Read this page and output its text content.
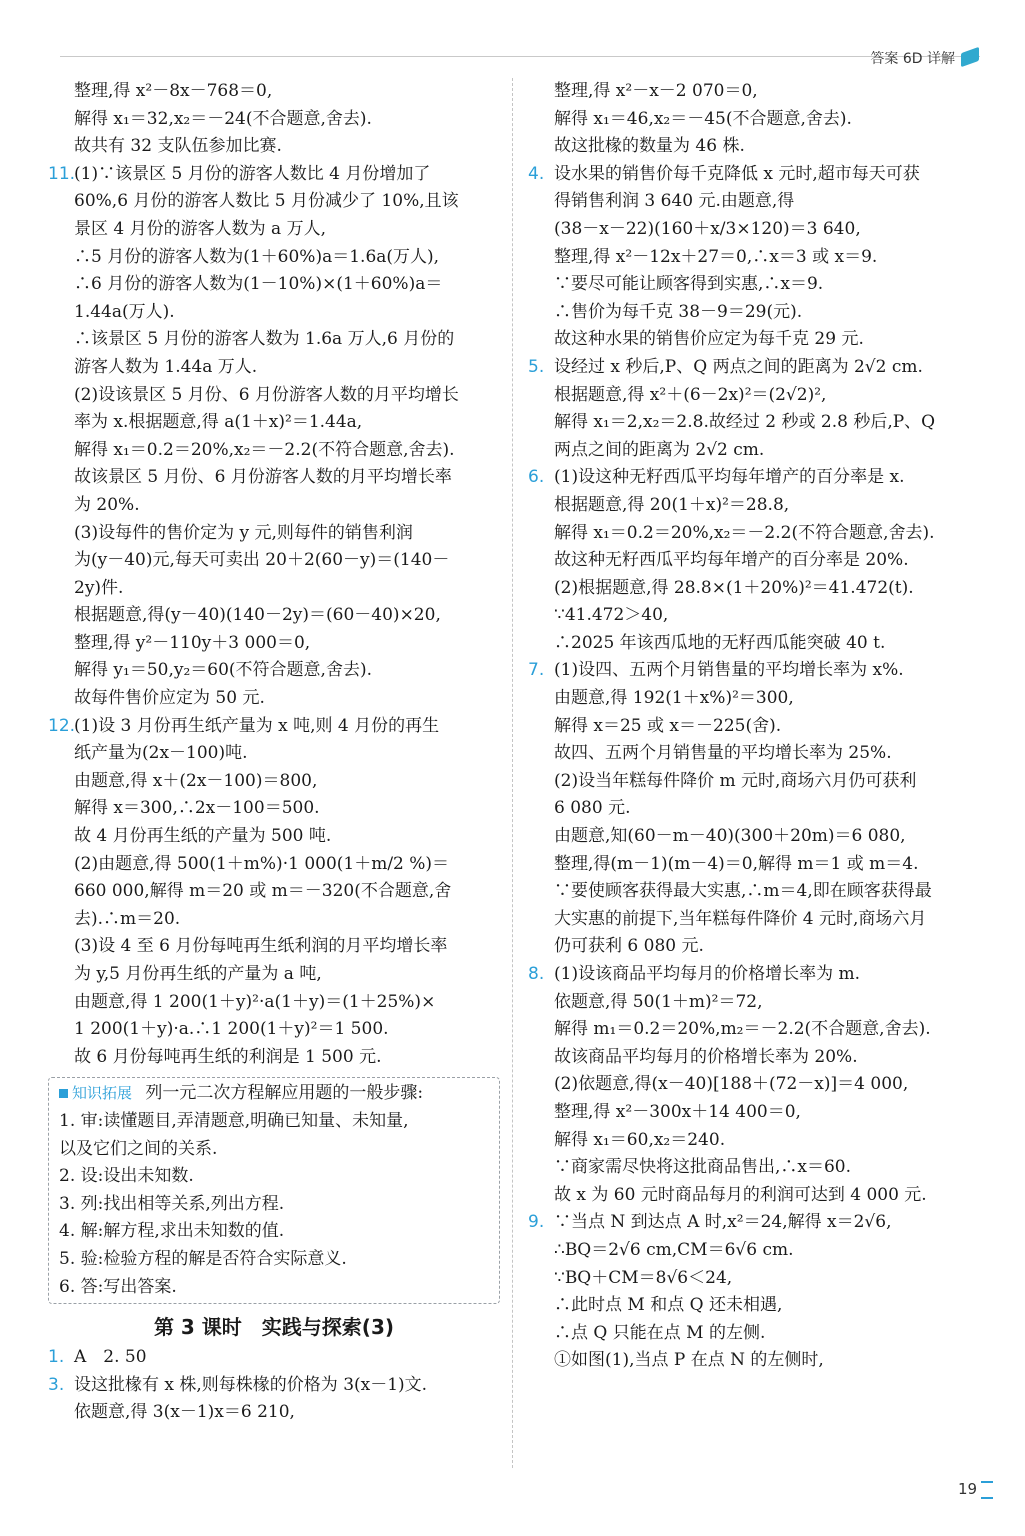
答案 6D 详解
整理,得 x²－8x－768＝0,
解得 x₁＝32,x₂＝－24(不合题意,舍去).
故共有 32 支队伍参加比赛.
11.(1)∵该景区 5 月份的游客人数比 4 月份增加了
60%,6 月份的游客人数比 5 月份减少了 10%,且该
景区 4 月份的游客人数为 a 万人,
∴5 月份的游客人数为(1＋60%)a＝1.6a(万人),
∴6 月份的游客人数为(1－10%)×(1＋60%)a＝
1.44a(万人).
∴该景区 5 月份的游客人数为 1.6a 万人,6 月份的
游客人数为 1.44a 万人.
(2)设该景区 5 月份、6 月份游客人数的月平均增长
率为 x.根据题意,得 a(1＋x)²＝1.44a,
解得 x₁＝0.2＝20%,x₂＝－2.2(不符合题意,舍去).
故该景区 5 月份、6 月份游客人数的月平均增长率
为 20%.
(3)设每件的售价定为 y 元,则每件的销售利润
为(y－40)元,每天可卖出 20＋2(60－y)＝(140－
2y)件.
根据题意,得(y－40)(140－2y)＝(60－40)×20,
整理,得 y²－110y＋3 000＝0,
解得 y₁＝50,y₂＝60(不符合题意,舍去).
故每件售价应定为 50 元.
12.(1)设 3 月份再生纸产量为 x 吨,则 4 月份的再生
纸产量为(2x－100)吨.
由题意,得 x＋(2x－100)＝800,
解得 x＝300,∴2x－100＝500.
故 4 月份再生纸的产量为 500 吨.
(2)由题意,得 500(1＋m%)·1 000(1＋m/2 %)＝
660 000,解得 m＝20 或 m＝－320(不合题意,舍
去).∴m＝20.
(3)设 4 至 6 月份每吨再生纸利润的月平均增长率
为 y,5 月份再生纸的产量为 a 吨,
由题意,得 1 200(1＋y)²·a(1＋y)＝(1＋25%)×
1 200(1＋y)·a.∴1 200(1＋y)²＝1 500.
故 6 月份每吨再生纸的利润是 1 500 元.
知识拓展 列一元二次方程解应用题的一般步骤:
1. 审:读懂题目,弄清题意,明确已知量、未知量,
以及它们之间的关系.
2. 设:设出未知数.
3. 列:找出相等关系,列出方程.
4. 解:解方程,求出未知数的值.
5. 验:检验方程的解是否符合实际意义.
6. 答:写出答案.
第 3 课时　实践与探索(3)
1. A　2. 50
3. 设这批椽有 x 株,则每株椽的价格为 3(x－1)文.
依题意,得 3(x－1)x＝6 210,
整理,得 x²－x－2 070＝0,
解得 x₁＝46,x₂＝－45(不合题意,舍去).
故这批椽的数量为 46 株.
4. 设水果的销售价每千克降低 x 元时,超市每天可获
得销售利润 3 640 元.由题意,得
(38－x－22)(160＋x/3×120)＝3 640,
整理,得 x²－12x＋27＝0,∴x＝3 或 x＝9.
∵要尽可能让顾客得到实惠,∴x＝9.
∴售价为每千克 38－9＝29(元).
故这种水果的销售价应定为每千克 29 元.
5. 设经过 x 秒后,P、Q 两点之间的距离为 2√2 cm.
根据题意,得 x²＋(6－2x)²＝(2√2)²,
解得 x₁＝2,x₂＝2.8.故经过 2 秒或 2.8 秒后,P、Q
两点之间的距离为 2√2 cm.
6. (1)设这种无籽西瓜平均每年增产的百分率是 x.
根据题意,得 20(1＋x)²＝28.8,
解得 x₁＝0.2＝20%,x₂＝－2.2(不符合题意,舍去).
故这种无籽西瓜平均每年增产的百分率是 20%.
(2)根据题意,得 28.8×(1＋20%)²＝41.472(t).
∵41.472＞40,
∴2025 年该西瓜地的无籽西瓜能突破 40 t.
7. (1)设四、五两个月销售量的平均增长率为 x%.
由题意,得 192(1＋x%)²＝300,
解得 x＝25 或 x＝－225(舍).
故四、五两个月销售量的平均增长率为 25%.
(2)设当年糕每件降价 m 元时,商场六月仍可获利
6 080 元.
由题意,知(60－m－40)(300＋20m)＝6 080,
整理,得(m－1)(m－4)＝0,解得 m＝1 或 m＝4.
∵要使顾客获得最大实惠,∴m＝4,即在顾客获得最
大实惠的前提下,当年糕每件降价 4 元时,商场六月
仍可获利 6 080 元.
8. (1)设该商品平均每月的价格增长率为 m.
依题意,得 50(1＋m)²＝72,
解得 m₁＝0.2＝20%,m₂＝－2.2(不合题意,舍去).
故该商品平均每月的价格增长率为 20%.
(2)依题意,得(x－40)[188＋(72－x)]＝4 000,
整理,得 x²－300x＋14 400＝0,
解得 x₁＝60,x₂＝240.
∵商家需尽快将这批商品售出,∴x＝60.
故 x 为 60 元时商品每月的利润可达到 4 000 元.
9. ∵当点 N 到达点 A 时,x²＝24,解得 x＝2√6,
∴BQ＝2√6 cm,CM＝6√6 cm.
∵BQ＋CM＝8√6＜24,
∴此时点 M 和点 Q 还未相遇,
∴点 Q 只能在点 M 的左侧.
①如图(1),当点 P 在点 N 的左侧时,
19
